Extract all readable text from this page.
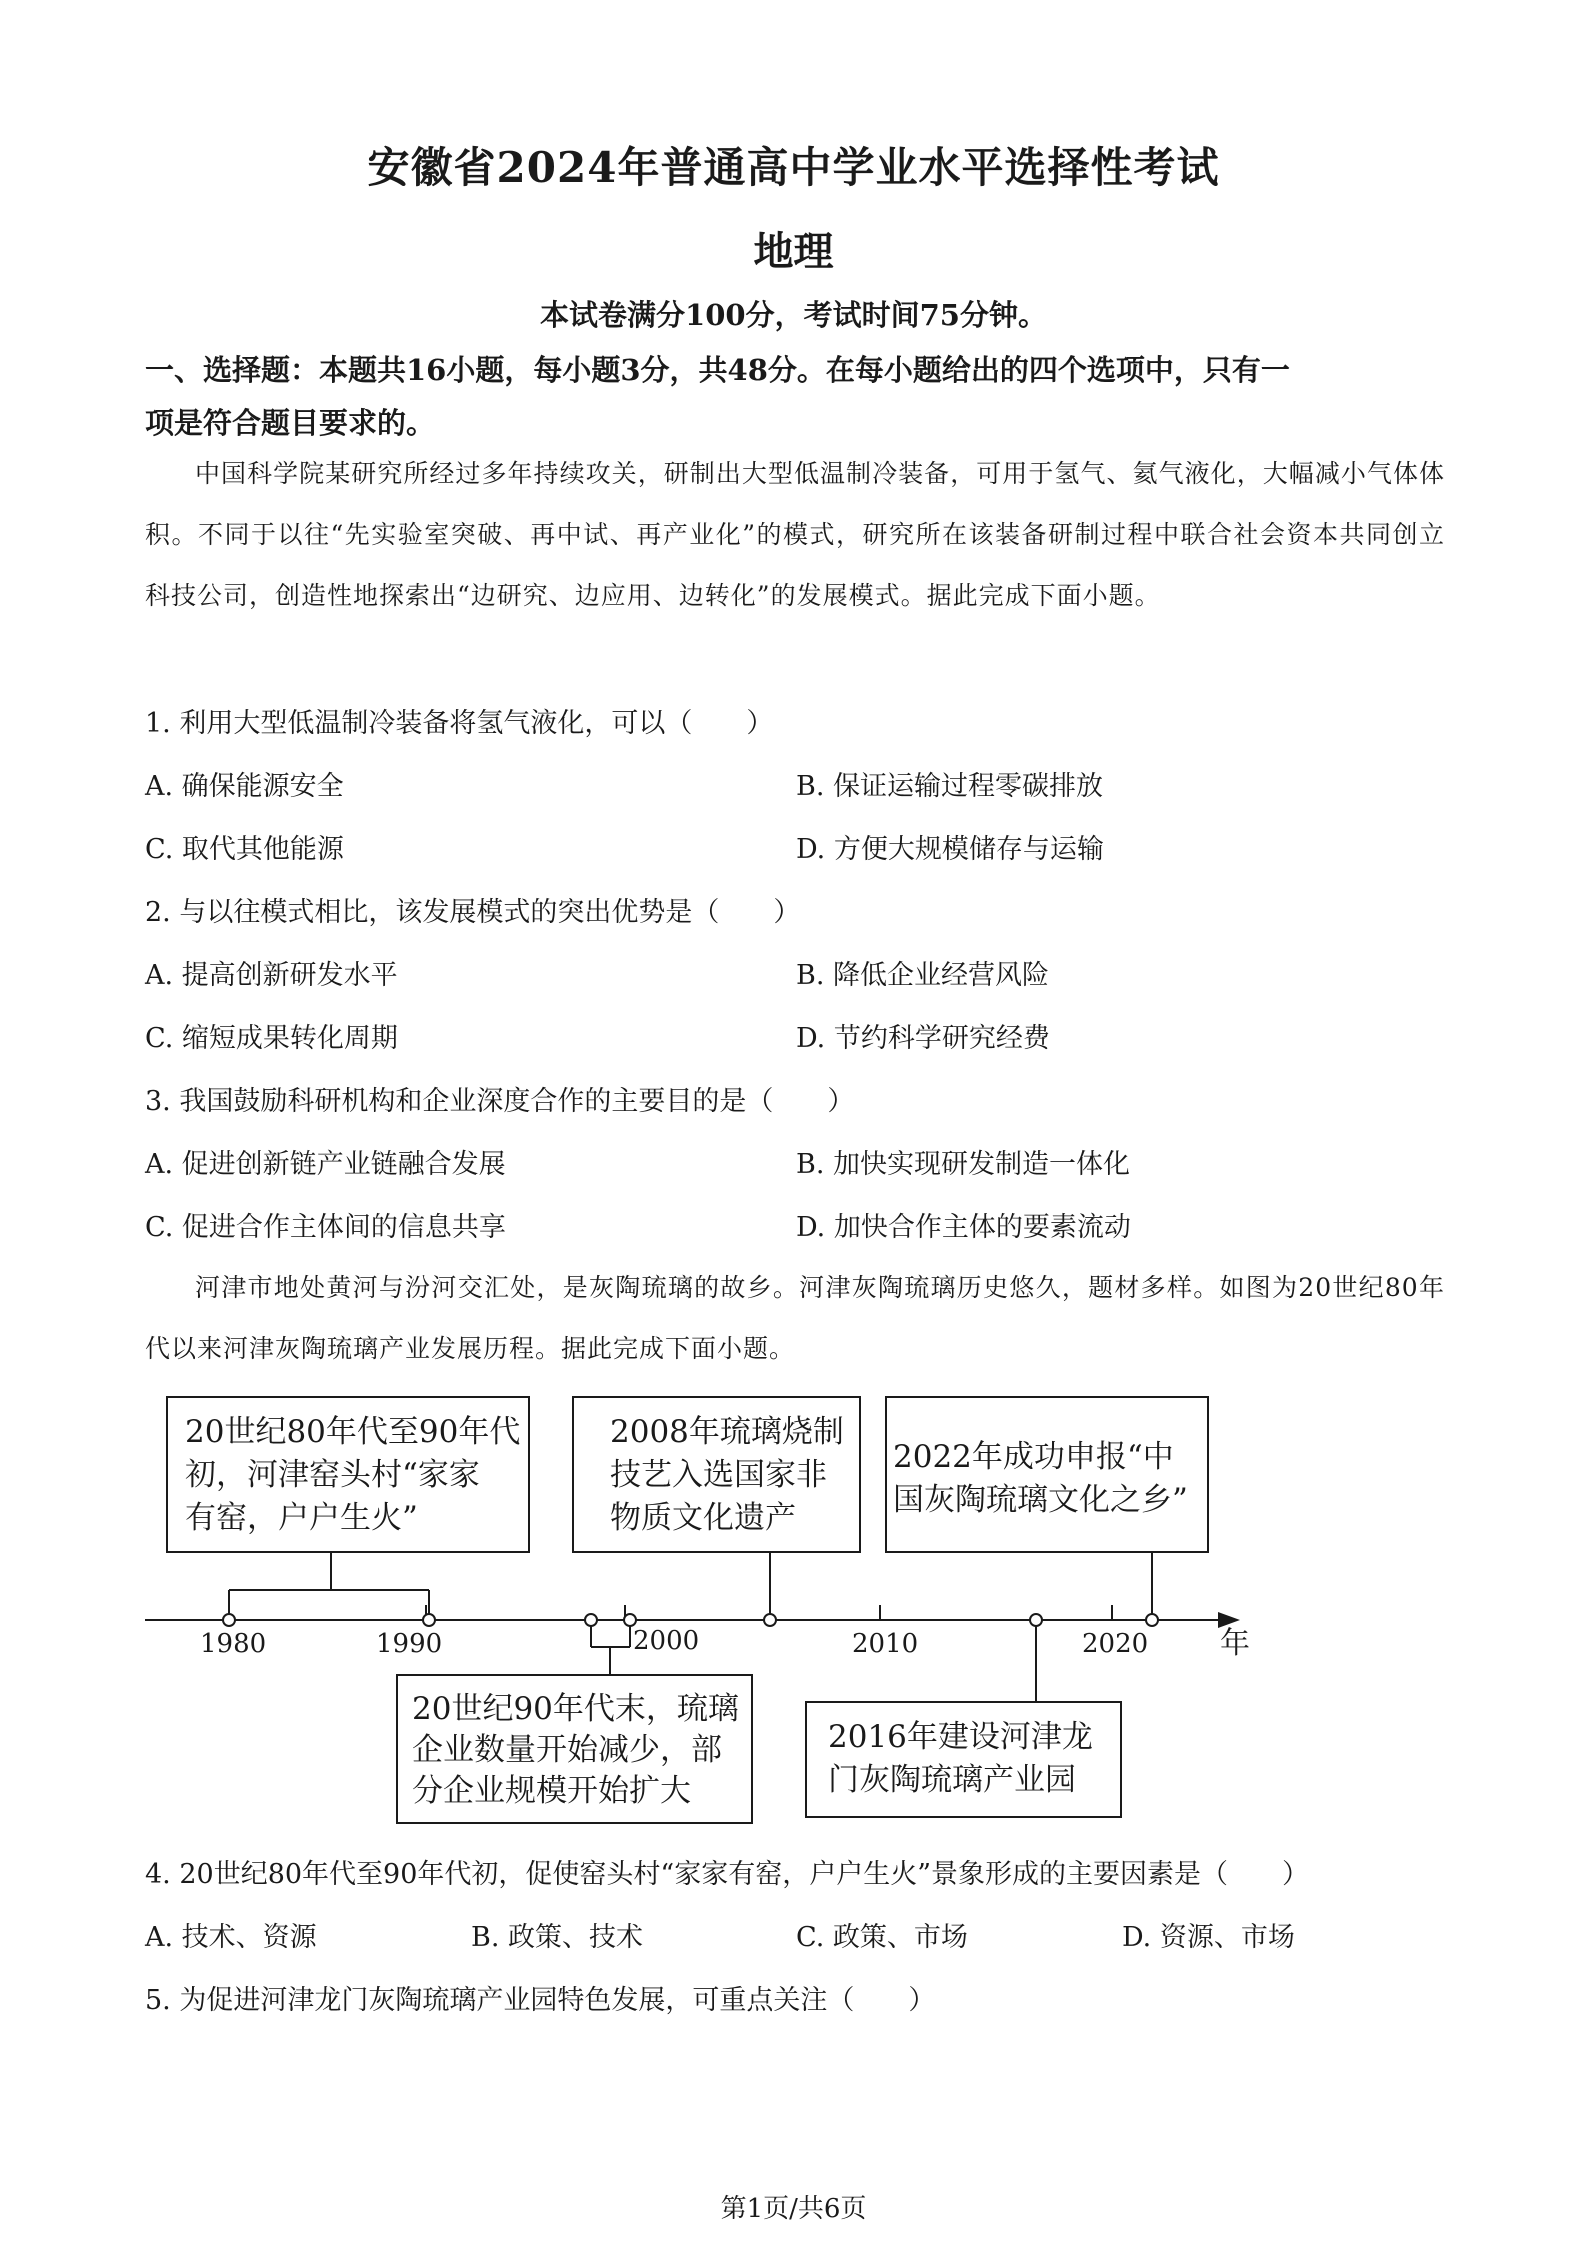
安徽省2024年普通高中学业水平选择性考试
地理
本试卷满分100分，考试时间75分钟。
一、选择题：本题共16小题，每小题3分，共48分。在每小题给出的四个选项中，只有一
项是符合题目要求的。
中国科学院某研究所经过多年持续攻关，研制出大型低温制冷装备，可用于氢气、氦气液化，大幅减小气体体积。不同于以往“先实验室突破、再中试、再产业化”的模式，研究所在该装备研制过程中联合社会资本共同创立科技公司，创造性地探索出“边研究、边应用、边转化”的发展模式。据此完成下面小题。
1. 利用大型低温制冷装备将氢气液化，可以（　　）
A. 确保能源安全	B. 保证运输过程零碳排放
C. 取代其他能源	D. 方便大规模储存与运输
2. 与以往模式相比，该发展模式的突出优势是（　　）
A. 提高创新研发水平	B. 降低企业经营风险
C. 缩短成果转化周期	D. 节约科学研究经费
3. 我国鼓励科研机构和企业深度合作的主要目的是（　　）
A. 促进创新链产业链融合发展	B. 加快实现研发制造一体化
C. 促进合作主体间的信息共享	D. 加快合作主体的要素流动
河津市地处黄河与汾河交汇处，是灰陶琉璃的故乡。河津灰陶琉璃历史悠久，题材多样。如图为20世纪80年代以来河津灰陶琉璃产业发展历程。据此完成下面小题。
年
1980	1990	2000	2010	2020
20世纪80年代至90年代
初，河津窑头村“家家
有窑，户户生火”
2008年琉璃烧制
技艺入选国家非
物质文化遗产
2022年成功申报“中
国灰陶琉璃文化之乡”
20世纪90年代末，琉璃
企业数量开始减少，部
分企业规模开始扩大
2016年建设河津龙
门灰陶琉璃产业园
4. 20世纪80年代至90年代初，促使窑头村“家家有窑，户户生火”景象形成的主要因素是（　　）
A. 技术、资源	B. 政策、技术	C. 政策、市场	D. 资源、市场
5. 为促进河津龙门灰陶琉璃产业园特色发展，可重点关注（　　）
第1页/共6页
